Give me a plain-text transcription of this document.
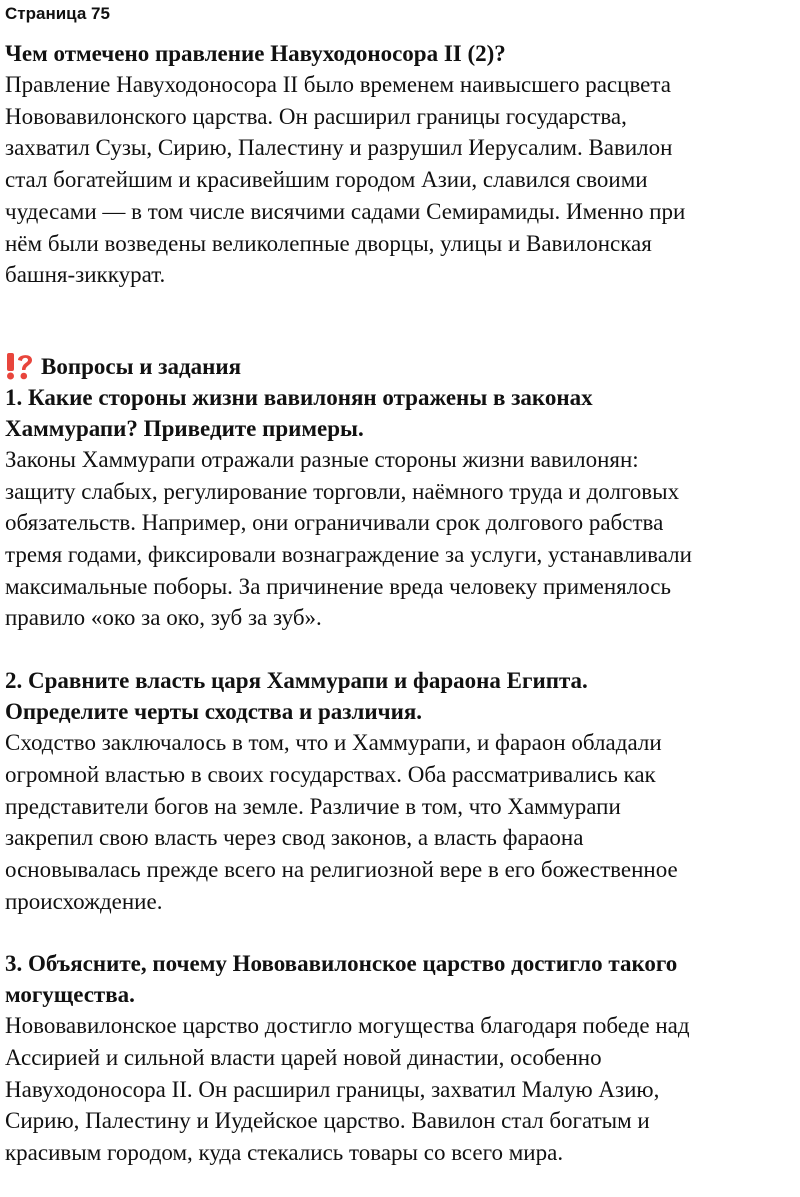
Страница 75

Чем отмечено правление Навуходоносора II (2)?

Правление Навуходоносора II было временем наивысшего расцвета
Нововавилонского царства. Он расширил границы государства,
захватил Сузы, Сирию, Палестину и разрушил Иерусалим. Вавилон
стал богатейшим и красивейшим городом Азии, славился своими
чудесами — в том числе висячими садами Семирамиды. Именно при
нём были возведены великолепные дворцы, улицы и Вавилонская
башня-зиккурат.
Вопросы и задания
1. Какие стороны жизни вавилонян отражены в законах
Хаммурапи? Приведите примеры.
Законы Хаммурапи отражали разные стороны жизни вавилонян:
защиту слабых, регулирование торговли, наёмного труда и долговых
обязательств. Например, они ограничивали срок долгового рабства
тремя годами, фиксировали вознаграждение за услуги, устанавливали
максимальные поборы. За причинение вреда человеку применялось
правило «око за око, зуб за зуб».
2. Сравните власть царя Хаммурапи и фараона Египта.
Определите черты сходства и различия.
Сходство заключалось в том, что и Хаммурапи, и фараон обладали
огромной властью в своих государствах. Оба рассматривались как
представители богов на земле. Различие в том, что Хаммурапи
закрепил свою власть через свод законов, а власть фараона
основывалась прежде всего на религиозной вере в его божественное
происхождение.
3. Объясните, почему Нововавилонское царство достигло такого
могущества.
Нововавилонское царство достигло могущества благодаря победе над
Ассирией и сильной власти царей новой династии, особенно
Навуходоносора II. Он расширил границы, захватил Малую Азию,
Сирию, Палестину и Иудейское царство. Вавилон стал богатым и
красивым городом, куда стекались товары со всего мира.
